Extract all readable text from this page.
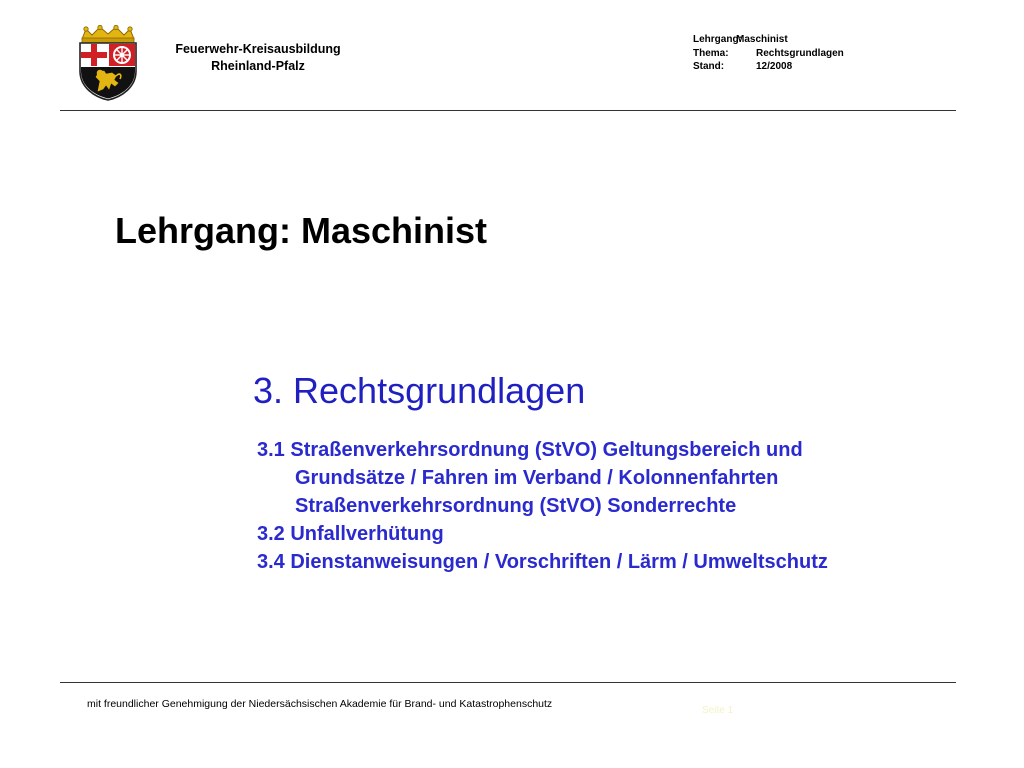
Feuerwehr-Kreisausbildung
Rheinland-Pfalz
Lehrgang:
Maschinist
Thema:	Rechtsgrundlagen
Stand:	12/2008
Lehrgang: Maschinist
3. Rechtsgrundlagen
3.1 Straßenverkehrsordnung (StVO) Geltungsbereich und
Grundsätze / Fahren im Verband / Kolonnenfahrten
Straßenverkehrsordnung (StVO) Sonderrechte
3.2 Unfallverhütung
3.4 Dienstanweisungen / Vorschriften / Lärm / Umweltschutz
mit freundlicher Genehmigung der Niedersächsischen Akademie für Brand- und Katastrophenschutz
Seite 1
